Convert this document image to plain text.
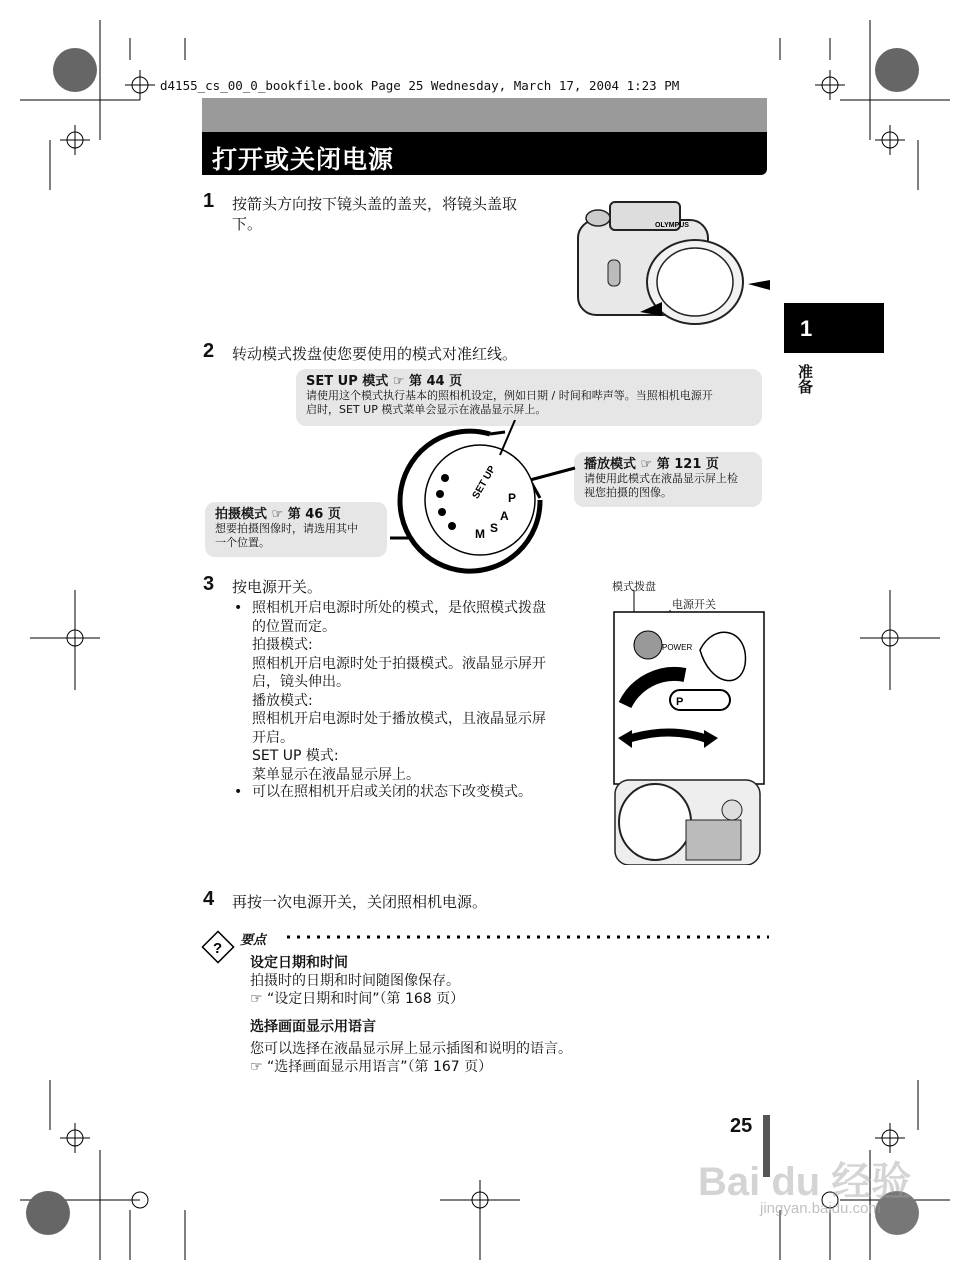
d4155_cs_00_0_bookfile.book Page 25 Wednesday, March 17, 2004 1:23 PM
打开或关闭电源
1
准备
1 按箭头方向按下镜头盖的盖夹，将镜头盖取
下。	OLYMPUS
2 转动模式拨盘使您要使用的模式对准红线。
SET UP 模式 ☞ 第 44 页
请使用这个模式执行基本的照相机设定，例如日期 / 时间和哔声等。当照相机电源开
启时，SET UP 模式菜单会显示在液晶显示屏上。
播放模式 ☞ 第 121 页
请使用此模式在液晶显示屏上检
视您拍摄的图像。
拍摄模式 ☞ 第 46 页
想要拍摄图像时，请选用其中
一个位置。
SET UP P
A
S
M
3 按电源开关。
• 照相机开启电源时所处的模式，是依照模式拨盘
的位置而定。
拍摄模式:
照相机开启电源时处于拍摄模式。液晶显示屏开
启，镜头伸出。
播放模式:
照相机开启电源时处于播放模式，且液晶显示屏
开启。
SET UP 模式:
菜单显示在液晶显示屏上。
• 可以在照相机开启或关闭的状态下改变模式。
模式拨盘
电源开关
POWER
P
4 再按一次电源开关，关闭照相机电源。
? 要点
设定日期和时间
拍摄时的日期和时间随图像保存。
☞ “设定日期和时间”（第 168 页）
选择画面显示用语言
您可以选择在液晶显示屏上显示插图和说明的语言。
☞ “选择画面显示用语言”（第 167 页）
25
Bai du 经验
jingyan.baidu.com
